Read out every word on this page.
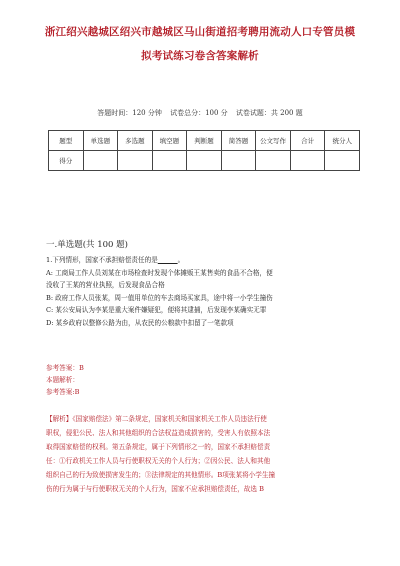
浙江绍兴越城区绍兴市越城区马山街道招考聘用流动人口专管员模
拟考试练习卷含答案解析
答题时间：120 分钟 试卷总分：100 分 试卷试题：共 200 题
题型	单选题	多选题	填空题	判断题	简答题	公文写作	合计	统分人
得分								
一.单选题(共 100 题)

1.下列情形，国家不承担赔偿责任的是______。

A: 工商局工作人员刘某在市场检查时发现个体摊贩王某售卖的食品不合格，便

没收了王某的营业执照，后发现食品合格

B: 政府工作人员张某，周一值用单位的车去商场买家具，途中将一小学生撞伤

C: 某公安局认为李某是重大案件嫌疑犯，便将其逮捕，后发现李某确实无罪

D: 某乡政府以整修公路为由，从农民的公粮款中扣留了一笔款项

参考答案：B

本题解析：

参考答案:B

【解析】《国家赔偿法》第二条规定，国家机关和国家机关工作人员违法行使

职权，侵犯公民、法人和其他组织的合法权益造成损害的，受害人有依照本法

取得国家赔偿的权利。第五条规定，属于下列情形之一的，国家不承担赔偿责

任：①行政机关工作人员与行使职权无关的个人行为；②因公民、法人和其他

组织自己的行为致使损害发生的；③法律规定的其他情形。B项张某将小学生撞

伤的行为属于与行使职权无关的个人行为，国家不应承担赔偿责任，故选 B
